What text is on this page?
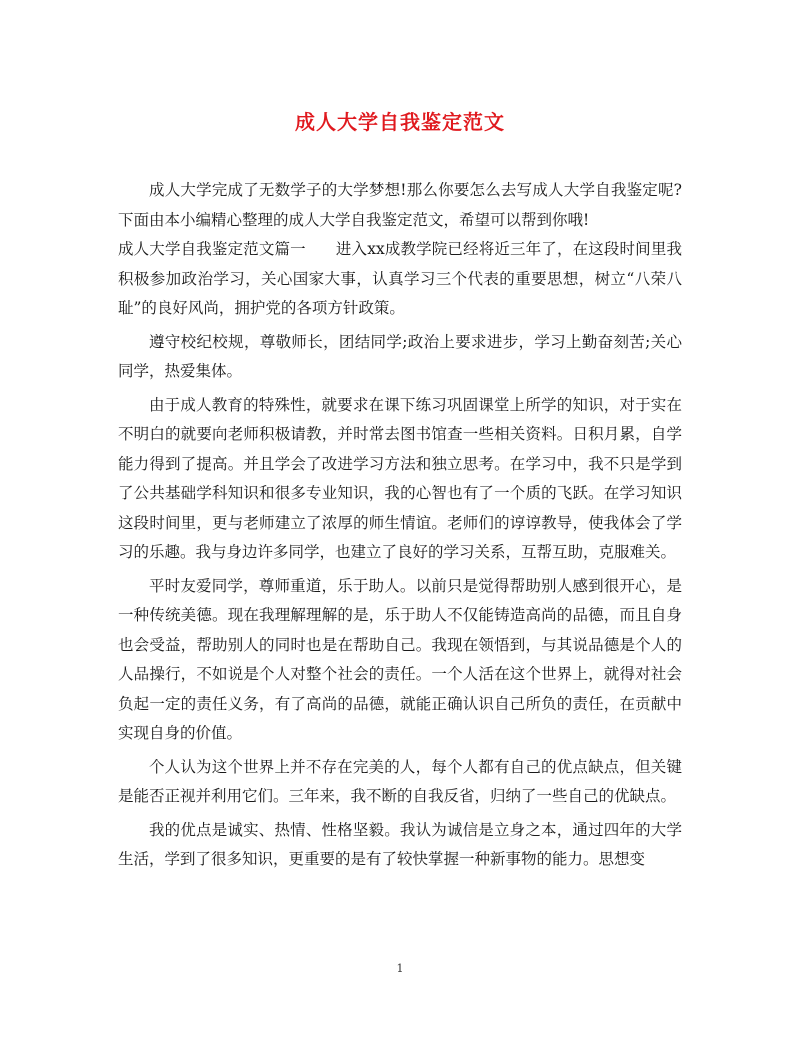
成人大学自我鉴定范文

成人大学完成了无数学子的大学梦想!那么你要怎么去写成人大学自我鉴定呢?下面由本小编精心整理的成人大学自我鉴定范文，希望可以帮到你哦!

成人大学自我鉴定范文篇一 进入xx成教学院已经将近三年了，在这段时间里我积极参加政治学习，关心国家大事，认真学习三个代表的重要思想，树立“八荣八耻”的良好风尚，拥护党的各项方针政策。

遵守校纪校规，尊敬师长，团结同学;政治上要求进步，学习上勤奋刻苦;关心同学，热爱集体。

由于成人教育的特殊性，就要求在课下练习巩固课堂上所学的知识，对于实在不明白的就要向老师积极请教，并时常去图书馆查一些相关资料。日积月累，自学能力得到了提高。并且学会了改进学习方法和独立思考。在学习中，我不只是学到了公共基础学科知识和很多专业知识，我的心智也有了一个质的飞跃。在学习知识这段时间里，更与老师建立了浓厚的师生情谊。老师们的谆谆教导，使我体会了学习的乐趣。我与身边许多同学，也建立了良好的学习关系，互帮互助，克服难关。

平时友爱同学，尊师重道，乐于助人。以前只是觉得帮助别人感到很开心，是一种传统美德。现在我理解理解的是，乐于助人不仅能铸造高尚的品德，而且自身也会受益，帮助别人的同时也是在帮助自己。我现在领悟到，与其说品德是个人的人品操行，不如说是个人对整个社会的责任。一个人活在这个世界上，就得对社会负起一定的责任义务，有了高尚的品德，就能正确认识自己所负的责任，在贡献中实现自身的价值。

个人认为这个世界上并不存在完美的人，每个人都有自己的优点缺点，但关键是能否正视并利用它们。三年来，我不断的自我反省，归纳了一些自己的优缺点。

我的优点是诚实、热情、性格坚毅。我认为诚信是立身之本，通过四年的大学生活，学到了很多知识，更重要的是有了较快掌握一种新事物的能力。思想变

1
